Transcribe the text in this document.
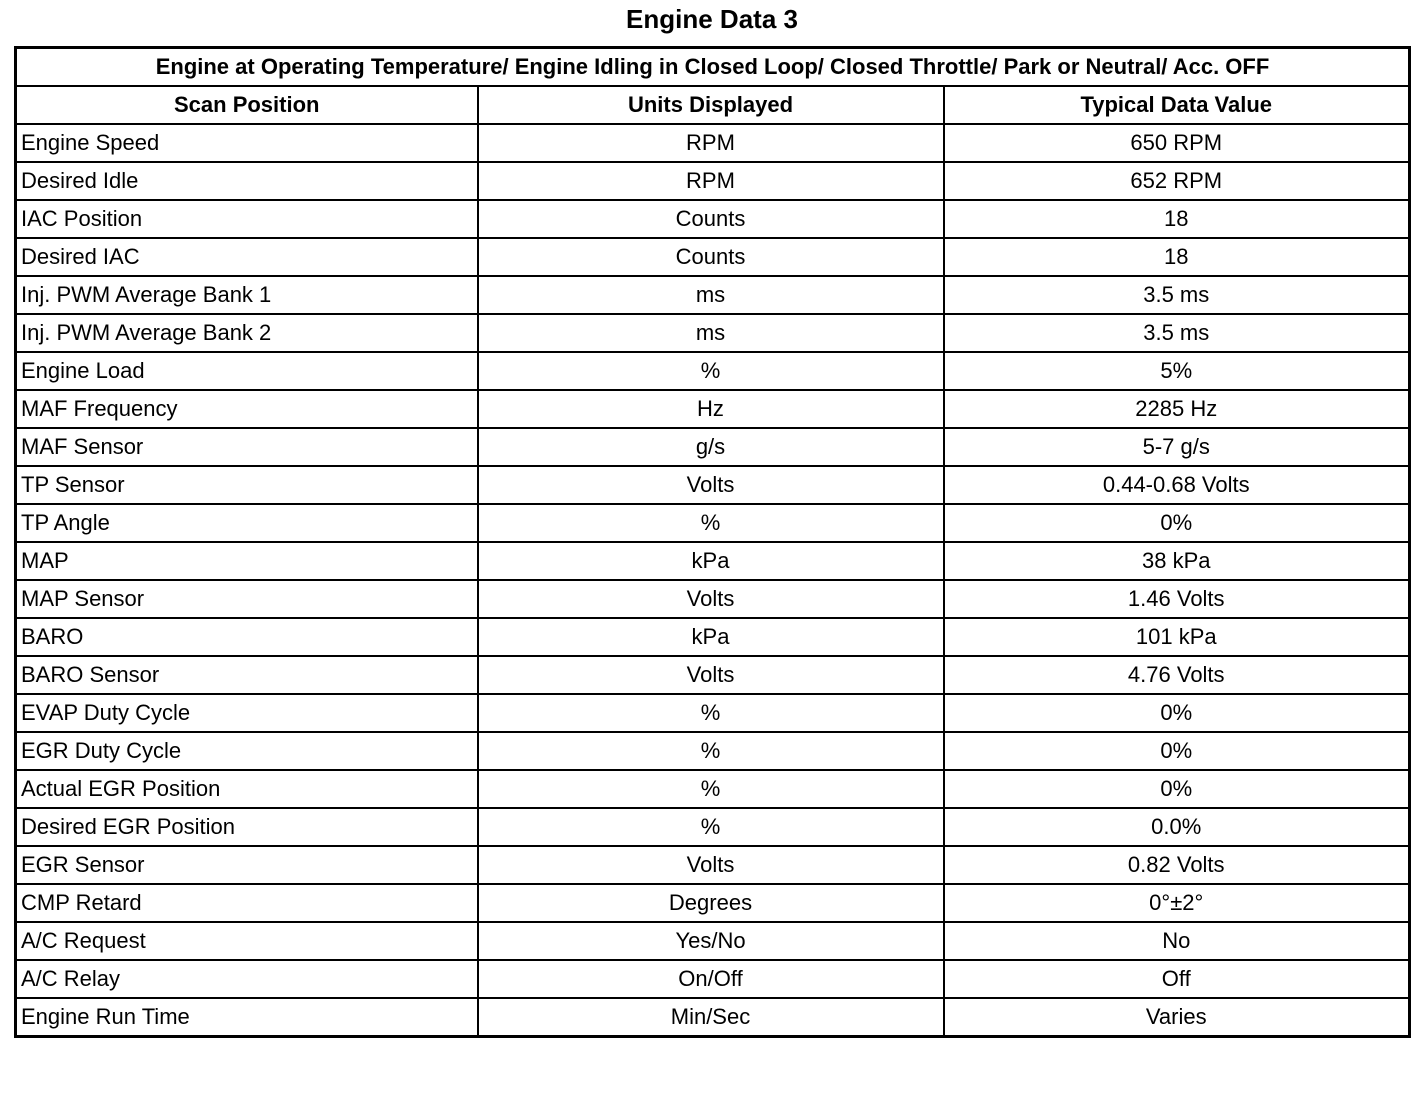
Engine Data 3
Engine at Operating Temperature/ Engine Idling in Closed Loop/ Closed Throttle/ Park or Neutral/ Acc. OFF		
Scan Position	Units Displayed	Typical Data Value
Engine Speed	RPM	650 RPM
Desired Idle	RPM	652 RPM
IAC Position	Counts	18
Desired IAC	Counts	18
Inj. PWM Average Bank 1	ms	3.5 ms
Inj. PWM Average Bank 2	ms	3.5 ms
Engine Load	%	5%
MAF Frequency	Hz	2285 Hz
MAF Sensor	g/s	5-7 g/s
TP Sensor	Volts	0.44-0.68 Volts
TP Angle	%	0%
MAP	kPa	38 kPa
MAP Sensor	Volts	1.46 Volts
BARO	kPa	101 kPa
BARO Sensor	Volts	4.76 Volts
EVAP Duty Cycle	%	0%
EGR Duty Cycle	%	0%
Actual EGR Position	%	0%
Desired EGR Position	%	0.0%
EGR Sensor	Volts	0.82 Volts
CMP Retard	Degrees	0°±2°
A/C Request	Yes/No	No
A/C Relay	On/Off	Off
Engine Run Time	Min/Sec	Varies
